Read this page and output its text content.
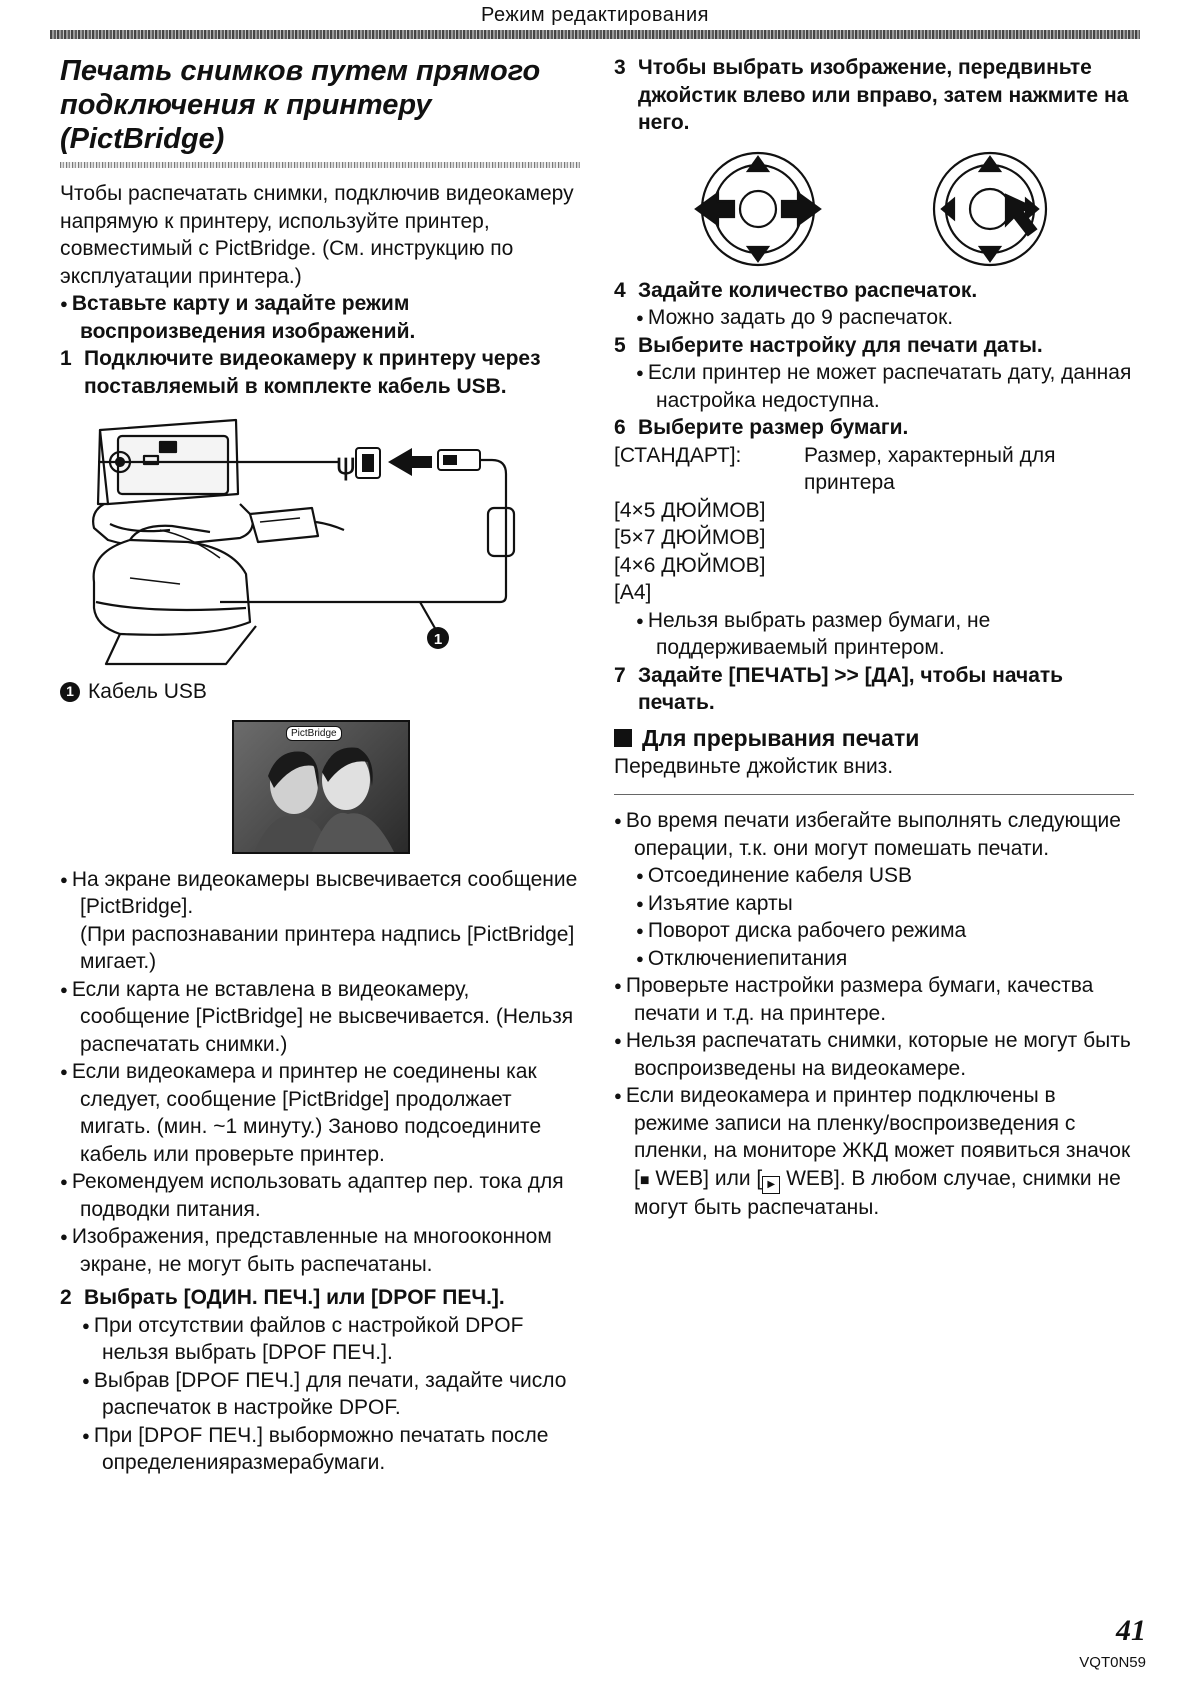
Режим редактирования
Печать снимков путем прямого
подключения к принтеру
(PictBridge)

Чтобы распечатать снимки, подключив видеокамеру напрямую к принтеру, используйте принтер, совместимый с PictBridge. (См. инструкцию по эксплуатации принтера.)

● Вставьте карту и задайте режим воспроизведения изображений.

1 Подключите видеокамеру к принтеру через поставляемый в комплекте кабель USB.
ψ
1
1 Кабель USB
PictBridge

● На экране видеокамеры высвечивается сообщение [PictBridge].

(При распознавании принтера надпись [PictBridge] мигает.)

● Если карта не вставлена в видеокамеру, сообщение [PictBridge] не высвечивается. (Нельзя распечатать снимки.)

● Если видеокамера и принтер не соединены как следует, сообщение [PictBridge] продолжает мигать. (мин. ~1 минуту.) Заново подсоедините кабель или проверьте принтер.

● Рекомендуем использовать адаптер пер. тока для подводки питания.

● Изображения, представленные на многооконном экране, не могут быть распечатаны.

2 Выбрать [ОДИН. ПЕЧ.] или [DPOF ПЕЧ.].

● При отсутствии файлов с настройкой DPOF нельзя выбрать [DPOF ПЕЧ.].

● Выбрав [DPOF ПЕЧ.] для печати, задайте число распечаток в настройке DPOF.

● При [DPOF ПЕЧ.] выборможно печатать после определенияразмерабумаги.

3 Чтобы выбрать изображение, передвиньте джойстик влево или вправо, затем нажмите на него.
4 Задайте количество распечаток.

● Можно задать до 9 распечаток.

5 Выберите настройку для печати даты.

● Если принтер не может распечатать дату, данная настройка недоступна.

6 Выберите размер бумаги.
[СТАНДАРТ]:	Размер, характерный для принтера
[4×5 ДЮЙМОВ]
[5×7 ДЮЙМОВ]
[4×6 ДЮЙМОВ]
[A4]

● Нельзя выбрать размер бумаги, не поддерживаемый принтером.

7 Задайте [ПЕЧАТЬ] >> [ДА], чтобы начать печать.
Для прерывания печати

Передвиньте джойстик вниз.

● Во время печати избегайте выполнять следующие операции, т.к. они могут помешать печати.

● Отсоединение кабеля USB

● Изъятие карты

● Поворот диска рабочего режима

● Отключениепитания

● Проверьте настройки размера бумаги, качества печати и т.д. на принтере.

● Нельзя распечатать снимки, которые не могут быть воспроизведены на видеокамере.

● Если видеокамера и принтер подключены в режиме записи на пленку/воспроизведения с пленки, на мониторе ЖКД может появиться значок [■ WEB] или [ ▶ WEB]. В любом случае, снимки не могут быть распечатаны.

41
VQT0N59
